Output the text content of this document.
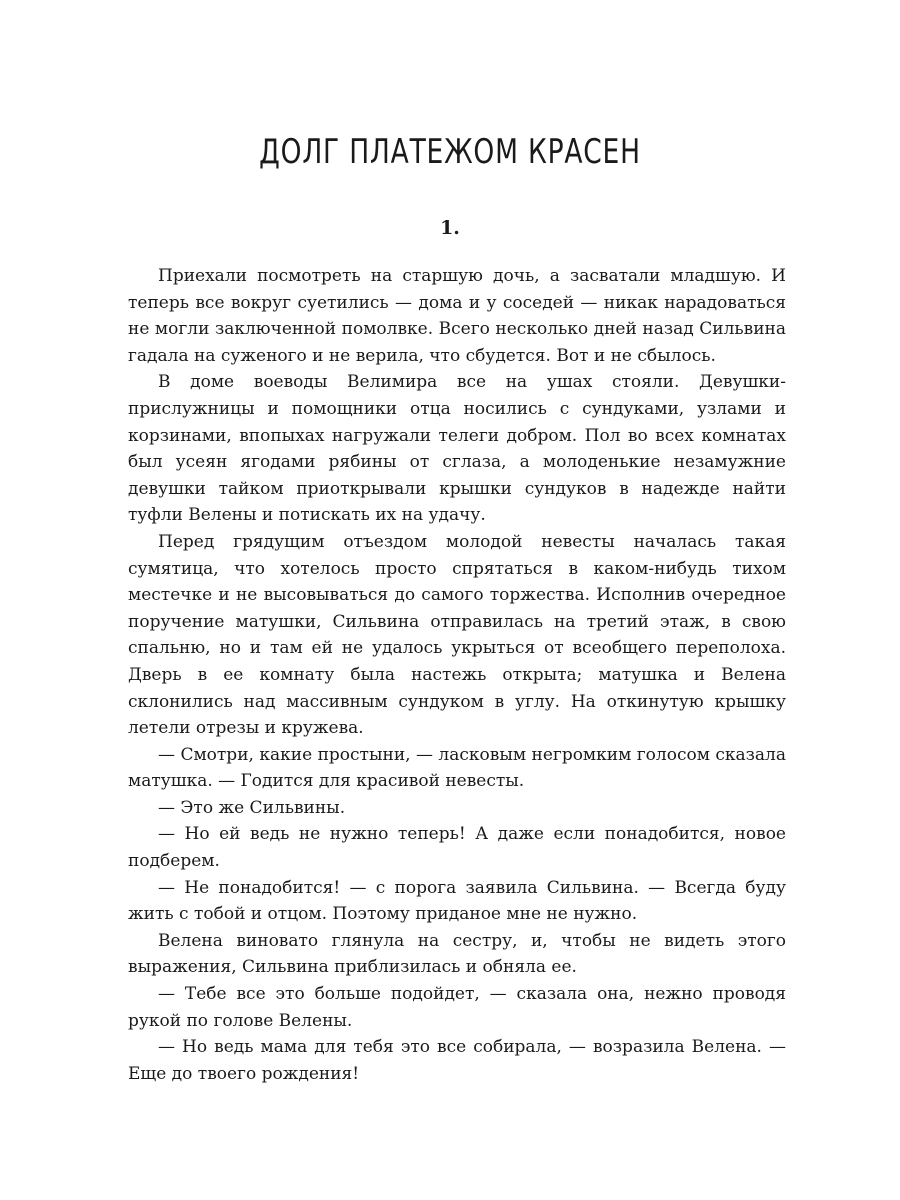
ДОЛГ ПЛАТЕЖОМ КРАСЕН
1.

Приехали посмотреть на старшую дочь, а засватали младшую. И теперь все вокруг суетились — дома и у соседей — никак нарадоваться не могли заключенной помолвке. Всего несколько дней назад Сильвина гадала на суженого и не верила, что сбудется. Вот и не сбылось.

В доме воеводы Велимира все на ушах стояли. Девушки-прислужницы и помощники отца носились с сундуками, узлами и корзинами, впопыхах нагружали телеги добром. Пол во всех комнатах был усеян ягодами рябины от сглаза, а молоденькие незамужние девушки тайком приоткрывали крышки сундуков в надежде найти туфли Велены и потискать их на удачу.

Перед грядущим отъездом молодой невесты началась такая сумятица, что хотелось просто спрятаться в каком-нибудь тихом местечке и не высовываться до самого торжества. Исполнив очередное поручение матушки, Сильвина отправилась на третий этаж, в свою спальню, но и там ей не удалось укрыться от всеобщего переполоха. Дверь в ее комнату была настежь открыта; матушка и Велена склонились над массивным сундуком в углу. На откинутую крышку летели отрезы и кружева.

— Смотри, какие простыни, — ласковым негромким голосом сказала матушка. — Годится для красивой невесты.

— Это же Сильвины.

— Но ей ведь не нужно теперь! А даже если понадобится, новое подберем.

— Не понадобится! — с порога заявила Сильвина. — Всегда буду жить с тобой и отцом. Поэтому приданое мне не нужно.

Велена виновато глянула на сестру, и, чтобы не видеть этого выражения, Сильвина приблизилась и обняла ее.

— Тебе все это больше подойдет, — сказала она, нежно проводя рукой по голове Велены.

— Но ведь мама для тебя это все собирала, — возразила Велена. — Еще до твоего рождения!
